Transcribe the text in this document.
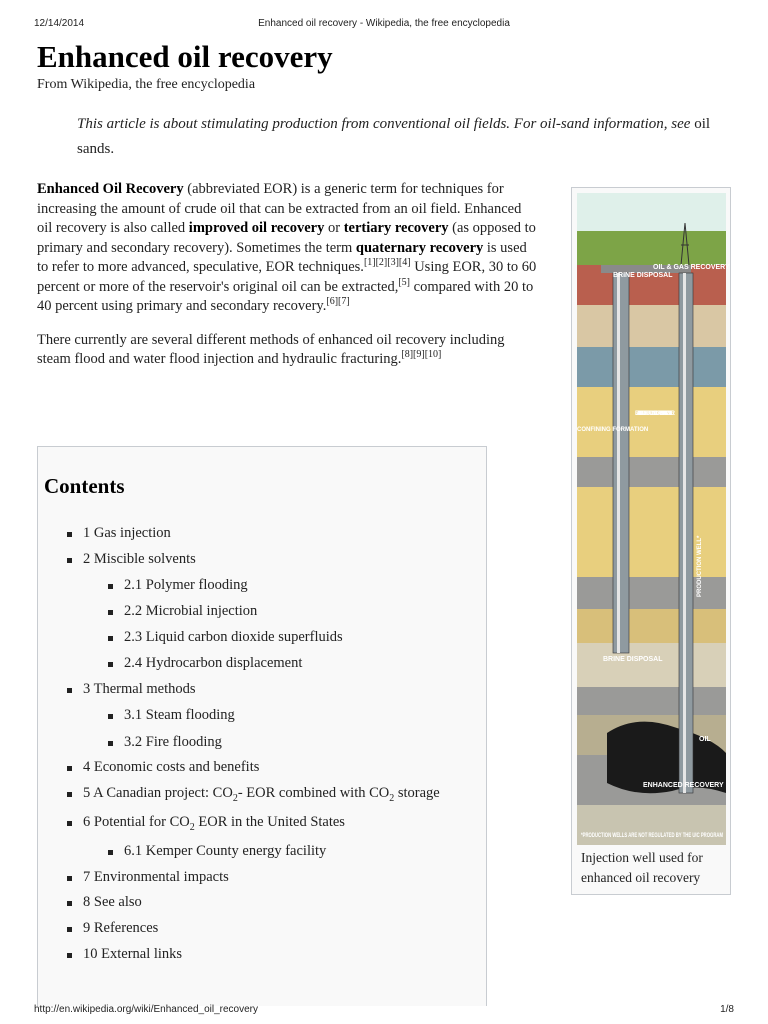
12/14/2014	Enhanced oil recovery - Wikipedia, the free encyclopedia
Enhanced oil recovery
From Wikipedia, the free encyclopedia
This article is about stimulating production from conventional oil fields. For oil-sand information, see oil sands.

Enhanced Oil Recovery (abbreviated EOR) is a generic term for techniques for increasing the amount of crude oil that can be extracted from an oil field. Enhanced oil recovery is also called improved oil recovery or tertiary recovery (as opposed to primary and secondary recovery). Sometimes the term quaternary recovery is used to refer to more advanced, speculative, EOR techniques.[1][2][3][4] Using EOR, 30 to 60 percent or more of the reservoir's original oil can be extracted,[5] compared with 20 to 40 percent using primary and secondary recovery.[6][7]

There currently are several different methods of enhanced oil recovery including steam flood and water flood injection and hydraulic fracturing.[8][9][10]

BRINE DISPOSAL
OIL & GAS RECOVERY
CONFINING FORMATION
BASE OF UNDERGROUND SOURCES OF DRINKING WATER
PRODUCTION WELL*
BRINE DISPOSAL
OIL
ENHANCED RECOVERY
*PRODUCTION WELLS ARE NOT REGULATED BY THE UIC PROGRAM
Injection well used for enhanced oil recovery
Contents
1 Gas injection
2 Miscible solvents
2.1 Polymer flooding
2.2 Microbial injection
2.3 Liquid carbon dioxide superfluids
2.4 Hydrocarbon displacement
3 Thermal methods
3.1 Steam flooding
3.2 Fire flooding
4 Economic costs and benefits
5 A Canadian project: $CO_2-$ EOR combined with $CO_2$ storage
6 Potential for $CO_2$ EOR in the United States
6.1 Kemper County energy facility
7 Environmental impacts
8 See also
9 References
10 External links
http://en.wikipedia.org/wiki/Enhanced_oil_recovery	1/8
